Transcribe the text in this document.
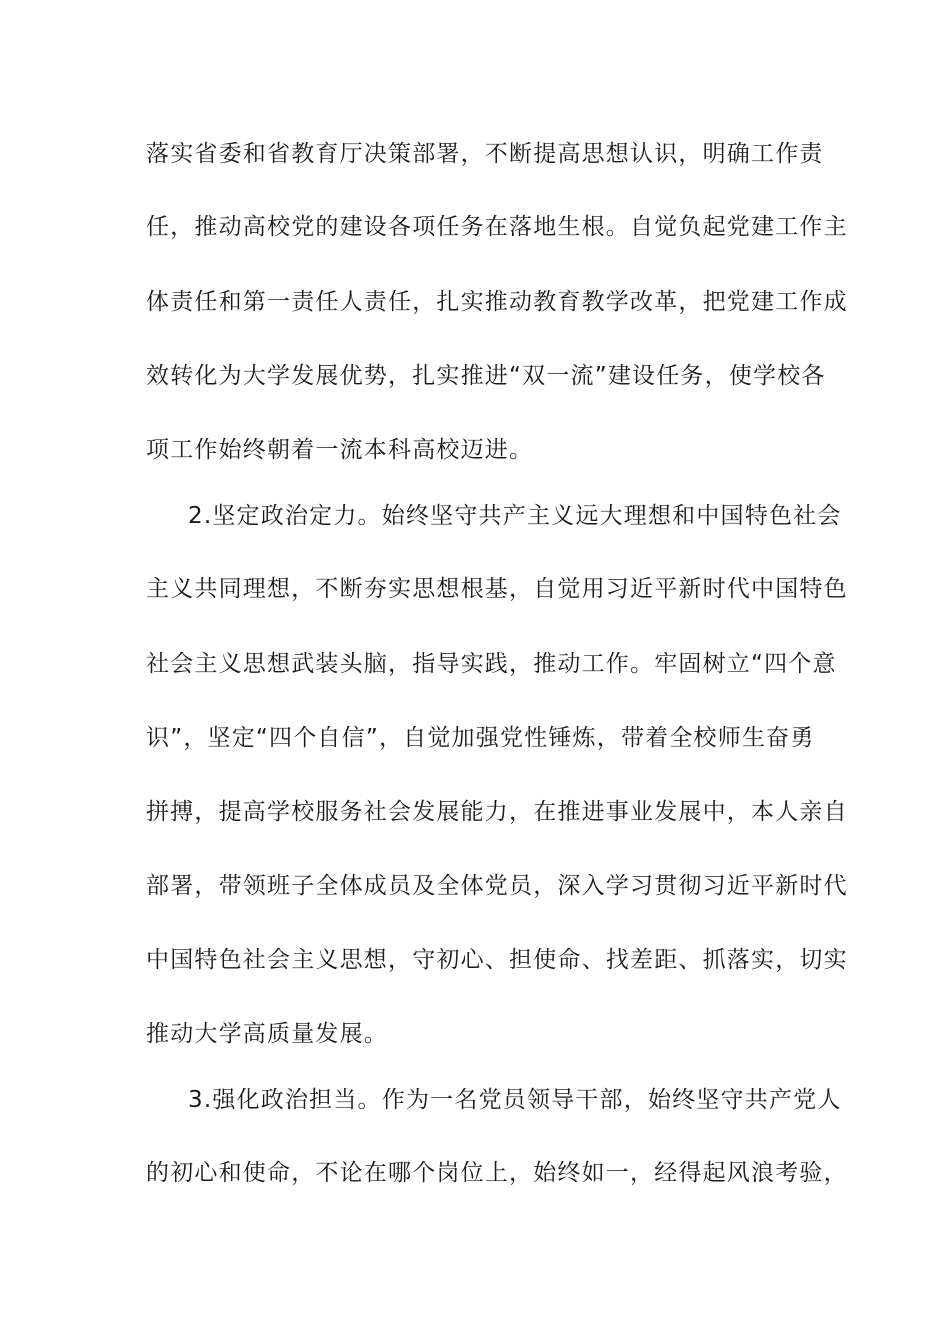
落实省委和省教育厅决策部署，不断提高思想认识，明确工作责
任，推动高校党的建设各项任务在落地生根。自觉负起党建工作主
体责任和第一责任人责任，扎实推动教育教学改革，把党建工作成
效转化为大学发展优势，扎实推进“双一流”建设任务，使学校各
项工作始终朝着一流本科高校迈进。
2.坚定政治定力。始终坚守共产主义远大理想和中国特色社会
主义共同理想，不断夯实思想根基，自觉用习近平新时代中国特色
社会主义思想武装头脑，指导实践，推动工作。牢固树立“四个意
识”，坚定“四个自信”，自觉加强党性锤炼，带着全校师生奋勇
拼搏，提高学校服务社会发展能力，在推进事业发展中，本人亲自
部署，带领班子全体成员及全体党员，深入学习贯彻习近平新时代
中国特色社会主义思想，守初心、担使命、找差距、抓落实，切实
推动大学高质量发展。
3.强化政治担当。作为一名党员领导干部，始终坚守共产党人
的初心和使命，不论在哪个岗位上，始终如一，经得起风浪考验，
